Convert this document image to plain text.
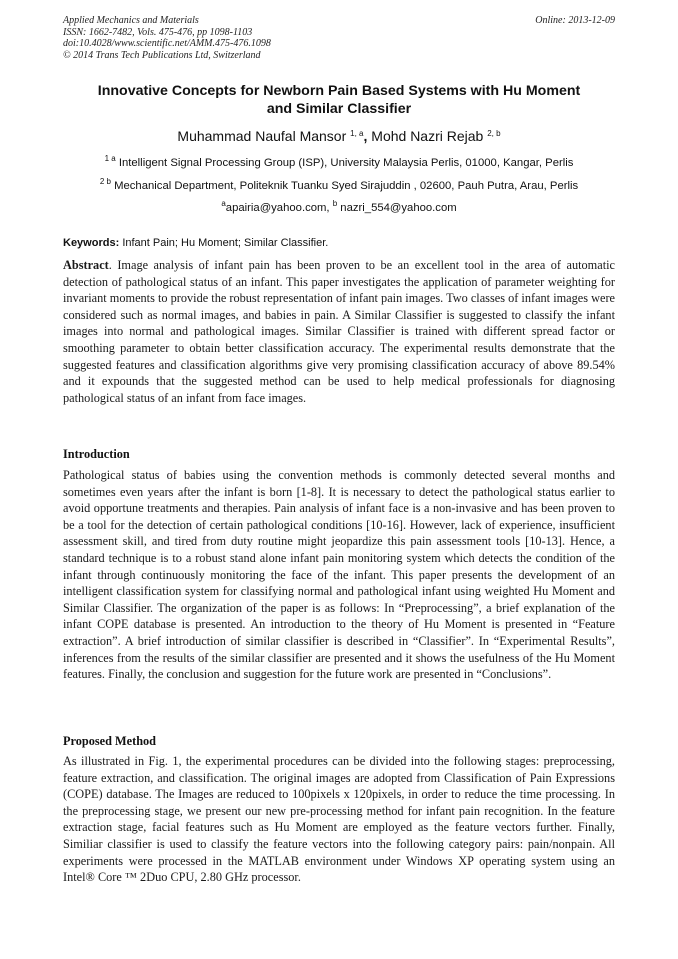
Applied Mechanics and Materials
ISSN: 1662-7482, Vols. 475-476, pp 1098-1103
doi:10.4028/www.scientific.net/AMM.475-476.1098
© 2014 Trans Tech Publications Ltd, Switzerland
Online: 2013-12-09
Innovative Concepts for Newborn Pain Based Systems with Hu Moment
and Similar Classifier
Muhammad Naufal Mansor $^{1, a}$, Mohd Nazri Rejab $^{2, b}$
$^{1 a}$ Intelligent Signal Processing Group (ISP), University Malaysia Perlis, 01000, Kangar, Perlis
$^{2 b}$ Mechanical Department, Politeknik Tuanku Syed Sirajuddin , 02600, Pauh Putra, Arau, Perlis
$^a$apairia@yahoo.com, $^b$ nazri_554@yahoo.com
Keywords: Infant Pain; Hu Moment; Similar Classifier.

Abstract. Image analysis of infant pain has been proven to be an excellent tool in the area of automatic detection of pathological status of an infant. This paper investigates the application of parameter weighting for invariant moments to provide the robust representation of infant pain images. Two classes of infant images were considered such as normal images, and babies in pain. A Similar Classifier is suggested to classify the infant images into normal and pathological images. Similar Classifier is trained with different spread factor or smoothing parameter to obtain better classification accuracy. The experimental results demonstrate that the suggested features and classification algorithms give very promising classification accuracy of above 89.54% and it expounds that the suggested method can be used to help medical professionals for diagnosing pathological status of an infant from face images.

Introduction

Pathological status of babies using the convention methods is commonly detected several months and sometimes even years after the infant is born [1-8]. It is necessary to detect the pathological status earlier to avoid opportune treatments and therapies. Pain analysis of infant face is a non-invasive and has been proven to be a tool for the detection of certain pathological conditions [10-16]. However, lack of experience, insufficient assessment skill, and tired from duty routine might jeopardize this pain assessment tools [10-13]. Hence, a standard technique is to a robust stand alone infant pain monitoring system which detects the condition of the infant through continuously monitoring the face of the infant. This paper presents the development of an intelligent classification system for classifying normal and pathological infant using weighted Hu Moment and Similar Classifier. The organization of the paper is as follows: In “Preprocessing”, a brief explanation of the infant COPE database is presented. An introduction to the theory of Hu Moment is presented in “Feature extraction”. A brief introduction of similar classifier is described in “Classifier”. In “Experimental Results”, inferences from the results of the similar classifier are presented and it shows the usefulness of the Hu Moment features. Finally, the conclusion and suggestion for the future work are presented in “Conclusions”.

Proposed Method

As illustrated in Fig. 1, the experimental procedures can be divided into the following stages: preprocessing, feature extraction, and classification. The original images are adopted from Classification of Pain Expressions (COPE) database. The Images are reduced to 100pixels x 120pixels, in order to reduce the time processing. In the preprocessing stage, we present our new pre-processing method for infant pain recognition. In the feature extraction stage, facial features such as Hu Moment are employed as the feature vectors further. Finally, Similiar classifier is used to classify the feature vectors into the following category pairs: pain/nonpain. All experiments were processed in the MATLAB environment under Windows XP operating system using an Intel® Core ™ 2Duo CPU, 2.80 GHz processor.
